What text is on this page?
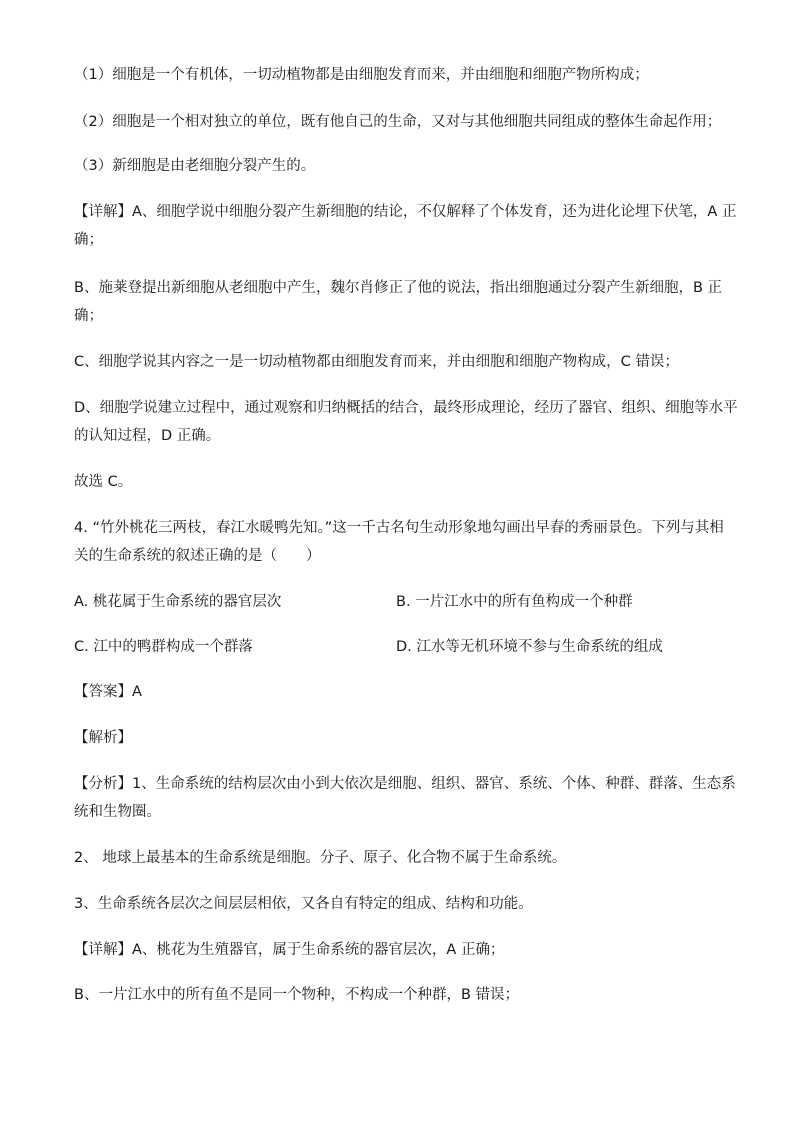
（1）细胞是一个有机体，一切动植物都是由细胞发育而来，并由细胞和细胞产物所构成；
（2）细胞是一个相对独立的单位，既有他自己的生命，又对与其他细胞共同组成的整体生命起作用；
（3）新细胞是由老细胞分裂产生的。
【详解】A、细胞学说中细胞分裂产生新细胞的结论，不仅解释了个体发育，还为进化论埋下伏笔，A 正
确；
B、施莱登提出新细胞从老细胞中产生，魏尔肖修正了他的说法，指出细胞通过分裂产生新细胞，B 正
确；
C、细胞学说其内容之一是一切动植物都由细胞发育而来，并由细胞和细胞产物构成，C 错误；
D、细胞学说建立过程中，通过观察和归纳概括的结合，最终形成理论，经历了器官、组织、细胞等水平
的认知过程，D 正确。
故选 C。
4. “竹外桃花三两枝，春江水暖鸭先知。”这一千古名句生动形象地勾画出早春的秀丽景色。下列与其相
关的生命系统的叙述正确的是（　　）
A. 桃花属于生命系统的器官层次	B. 一片江水中的所有鱼构成一个种群
C. 江中的鸭群构成一个群落	D. 江水等无机环境不参与生命系统的组成
【答案】A
【解析】
【分析】1、生命系统的结构层次由小到大依次是细胞、组织、器官、系统、个体、种群、群落、生态系
统和生物圈。
2、 地球上最基本的生命系统是细胞。分子、原子、化合物不属于生命系统。
3、生命系统各层次之间层层相依，又各自有特定的组成、结构和功能。
【详解】A、桃花为生殖器官，属于生命系统的器官层次，A 正确；
B、一片江水中的所有鱼不是同一个物种，不构成一个种群，B 错误；
